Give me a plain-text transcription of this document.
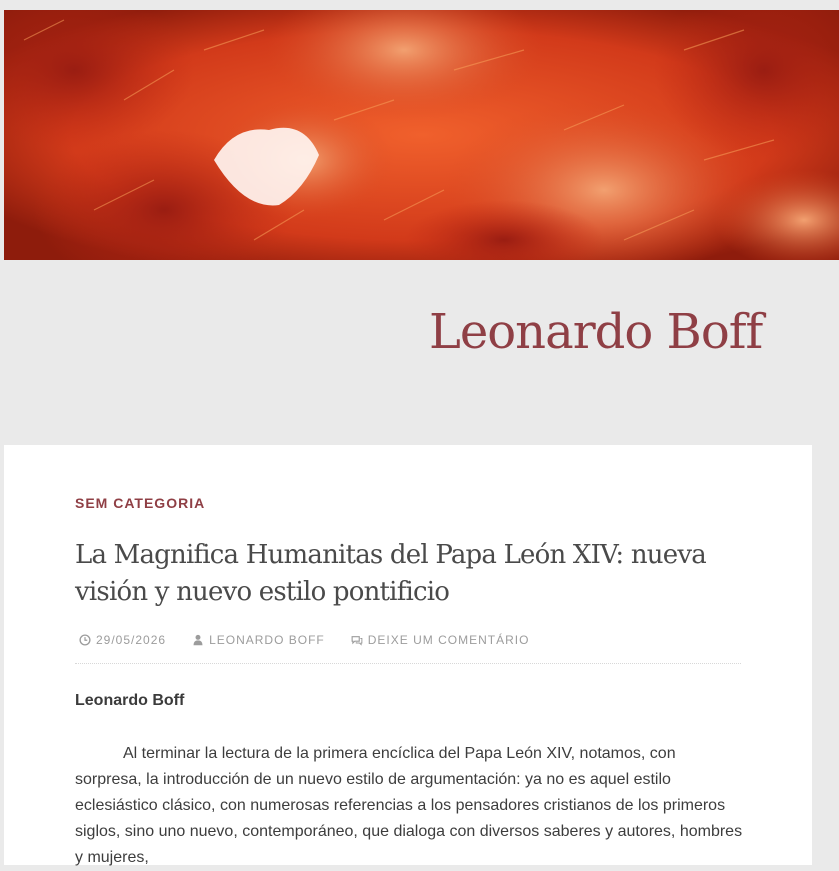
Leonardo Boff
SEM CATEGORIA
La Magnifica Humanitas del Papa León XIV: nueva visión y nuevo estilo pontificio
29/05/2026	LEONARDO BOFF	DEIXE UM COMENTÁRIO
Leonardo Boff

Al terminar la lectura de la primera encíclica del Papa León XIV, notamos, con sorpresa, la introducción de un nuevo estilo de argumentación: ya no es aquel estilo eclesiástico clásico, con numerosas referencias a los pensadores cristianos de los primeros siglos, sino uno nuevo, contemporáneo, que dialoga con diversos saberes y autores, hombres y mujeres,
